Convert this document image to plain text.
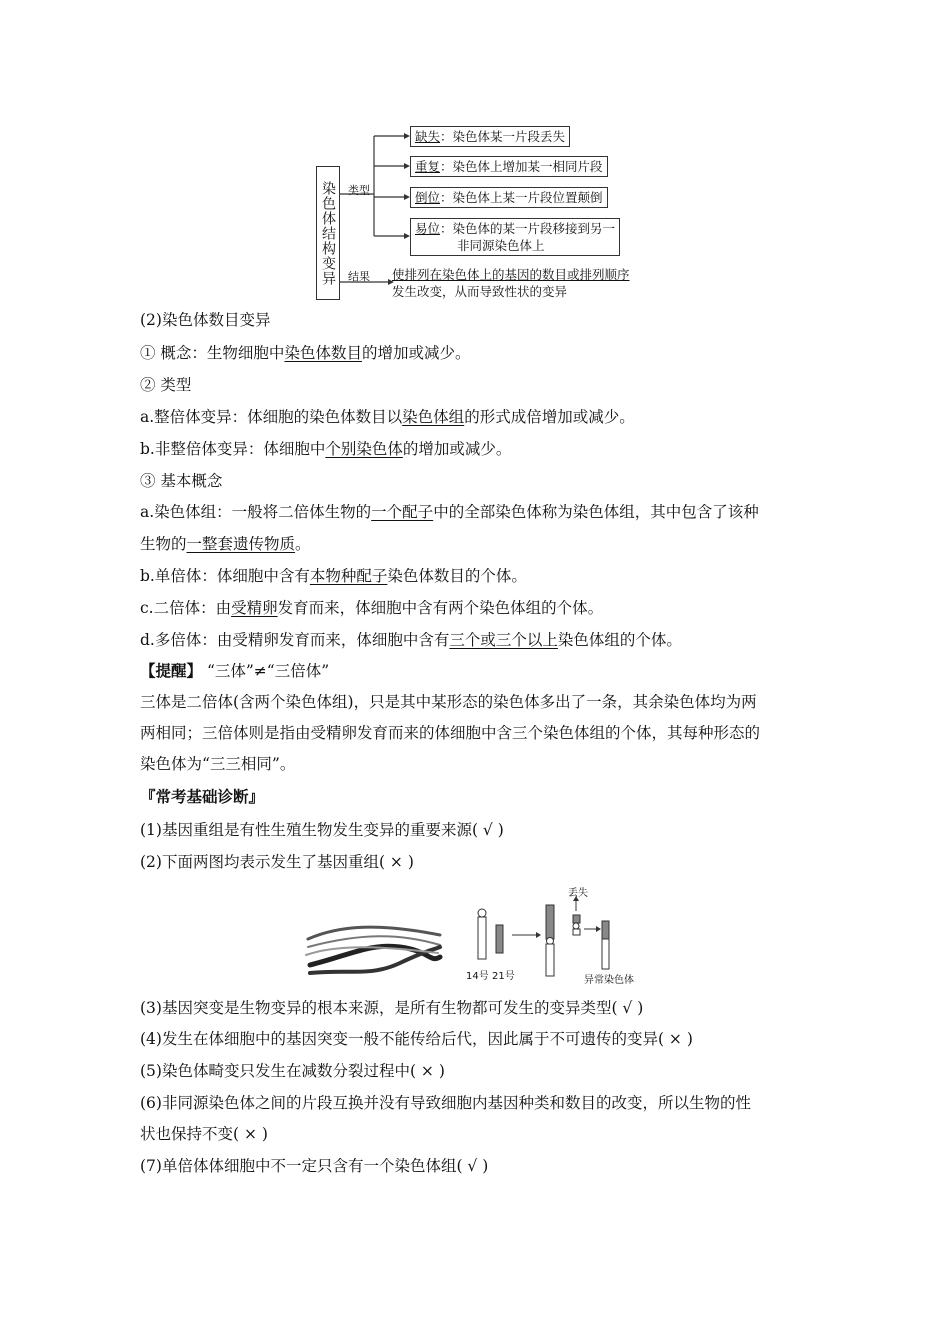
染色体结构变异	类型
结果
缺失：染色体某一片段丢失
重复：染色体上增加某一相同片段
倒位：染色体上某一片段位置颠倒
易位：染色体的某一片段移接到另一
非同源染色体上
使排列在染色体上的基因的数目或排列顺序
发生改变，从而导致性状的变异
(2)染色体数目变异
① 概念：生物细胞中染色体数目的增加或减少。
② 类型
a.整倍体变异：体细胞的染色体数目以染色体组的形式成倍增加或减少。
b.非整倍体变异：体细胞中个别染色体的增加或减少。
③ 基本概念
a.染色体组：一般将二倍体生物的一个配子中的全部染色体称为染色体组，其中包含了该种
生物的一整套遗传物质。
b.单倍体：体细胞中含有本物种配子染色体数目的个体。
c.二倍体：由受精卵发育而来，体细胞中含有两个染色体组的个体。
d.多倍体：由受精卵发育而来，体细胞中含有三个或三个以上染色体组的个体。
【提醒】 “三体”≠“三倍体”
三体是二倍体(含两个染色体组)，只是其中某形态的染色体多出了一条，其余染色体均为两
两相同；三倍体则是指由受精卵发育而来的体细胞中含三个染色体组的个体，其每种形态的
染色体为“三三相同”。
『常考基础诊断』
(1)基因重组是有性生殖生物发生变异的重要来源( √ )
(2)下面两图均表示发生了基因重组( × )
丢失
14号 21号	异常染色体
(3)基因突变是生物变异的根本来源，是所有生物都可发生的变异类型( √ )
(4)发生在体细胞中的基因突变一般不能传给后代，因此属于不可遗传的变异( × )
(5)染色体畸变只发生在减数分裂过程中( × )
(6)非同源染色体之间的片段互换并没有导致细胞内基因种类和数目的改变，所以生物的性
状也保持不变( × )
(7)单倍体体细胞中不一定只含有一个染色体组( √ )
